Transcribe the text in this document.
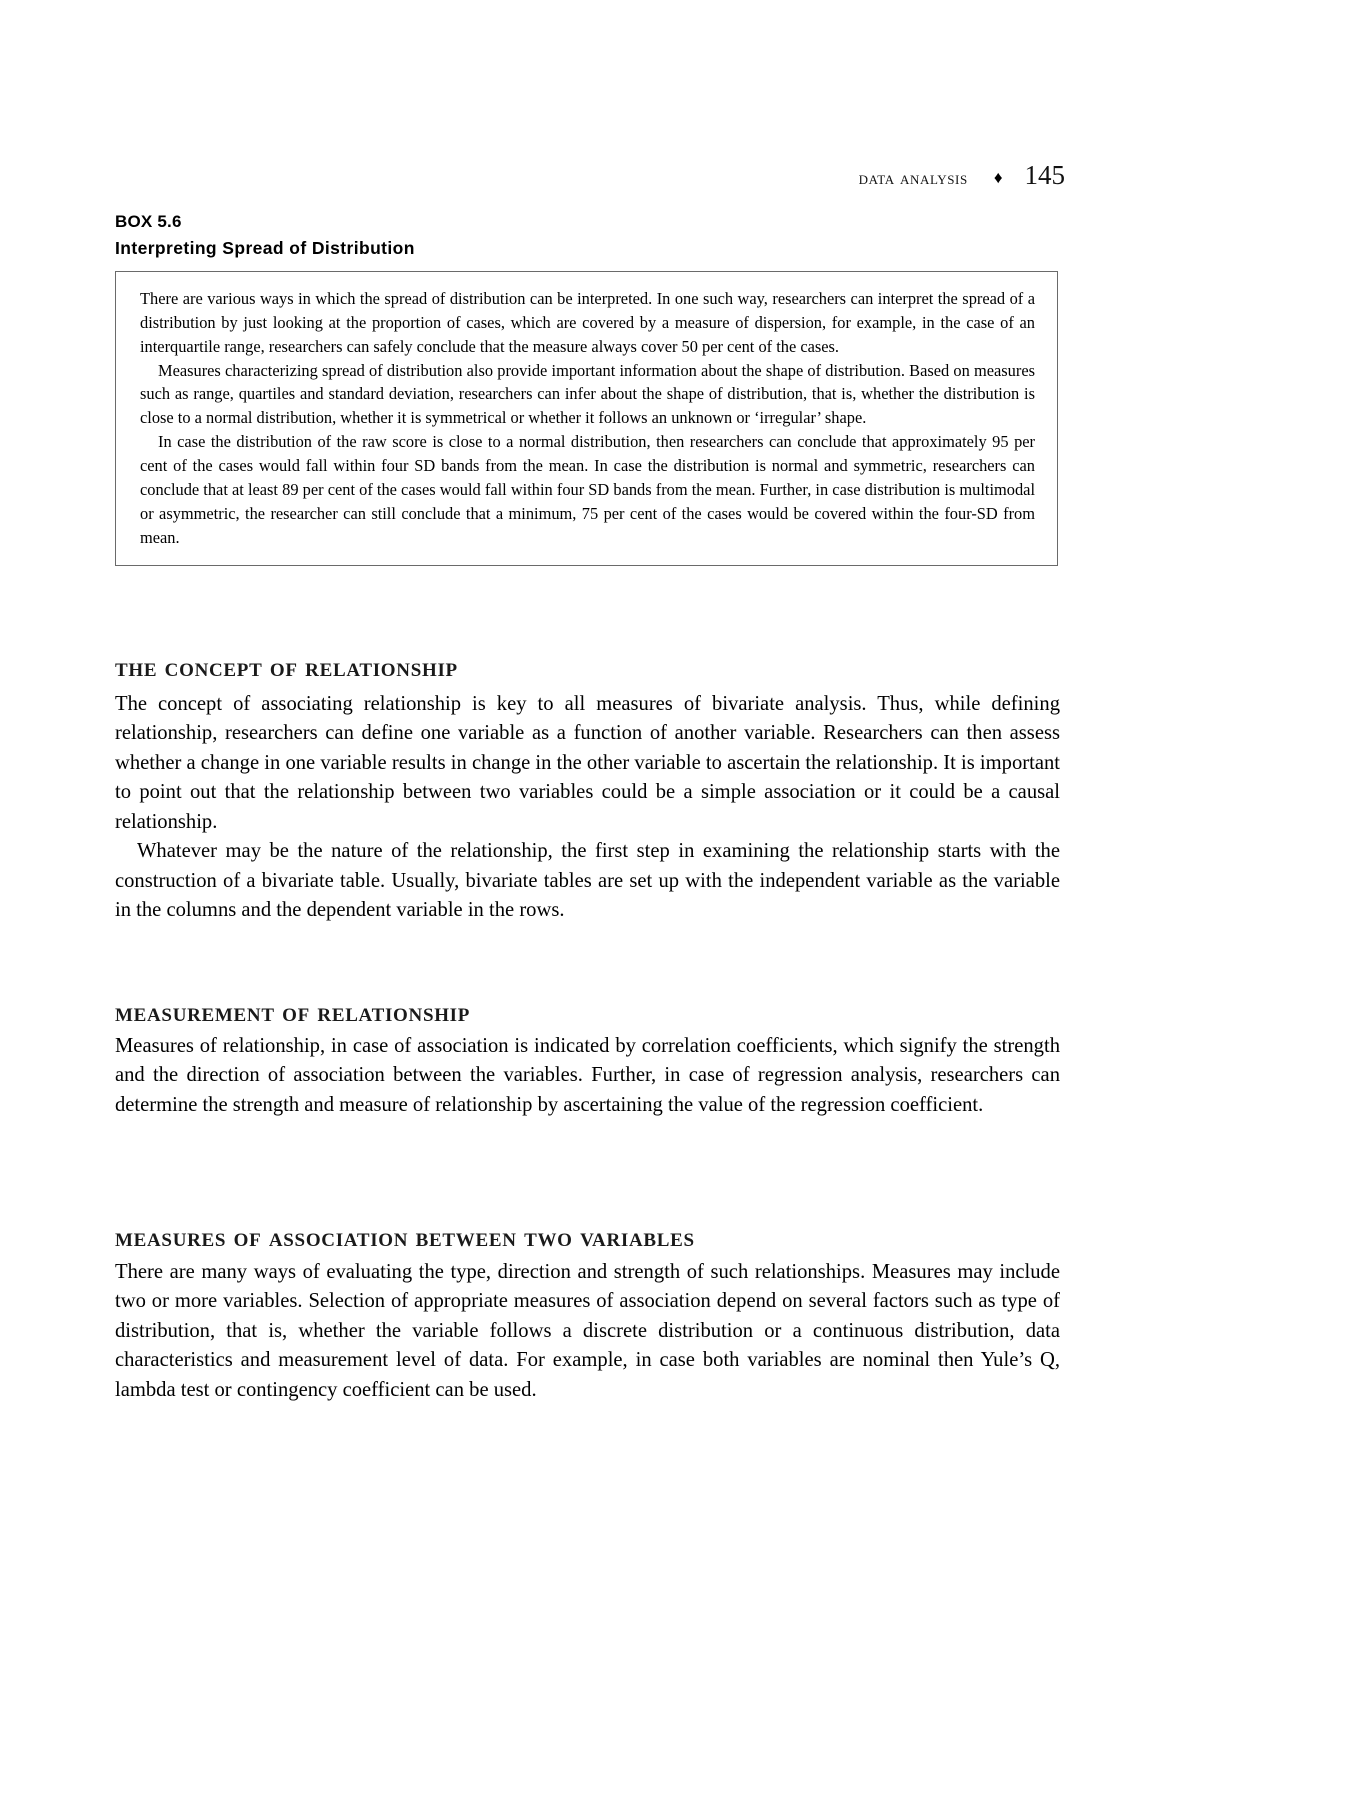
data analysis ♦ 145
BOX 5.6
Interpreting Spread of Distribution

There are various ways in which the spread of distribution can be interpreted. In one such way, researchers can interpret the spread of a distribution by just looking at the proportion of cases, which are covered by a measure of dispersion, for example, in the case of an interquartile range, researchers can safely conclude that the measure always cover 50 per cent of the cases.

Measures characterizing spread of distribution also provide important information about the shape of distribution. Based on measures such as range, quartiles and standard deviation, researchers can infer about the shape of distribution, that is, whether the distribution is close to a normal distribution, whether it is symmetrical or whether it follows an unknown or ‘irregular’ shape.

In case the distribution of the raw score is close to a normal distribution, then researchers can conclude that approximately 95 per cent of the cases would fall within four SD bands from the mean. In case the distribution is normal and symmetric, researchers can conclude that at least 89 per cent of the cases would fall within four SD bands from the mean. Further, in case distribution is multimodal or asymmetric, the researcher can still conclude that a minimum, 75 per cent of the cases would be covered within the four-SD from mean.

the concept of relationship

The concept of associating relationship is key to all measures of bivariate analysis. Thus, while defining relationship, researchers can define one variable as a function of another variable. Researchers can then assess whether a change in one variable results in change in the other variable to ascertain the relationship. It is important to point out that the relationship between two variables could be a simple association or it could be a causal relationship.

Whatever may be the nature of the relationship, the first step in examining the relationship starts with the construction of a bivariate table. Usually, bivariate tables are set up with the independent variable as the variable in the columns and the dependent variable in the rows.

measurement of relationship

Measures of relationship, in case of association is indicated by correlation coefficients, which signify the strength and the direction of association between the variables. Further, in case of regression analysis, researchers can determine the strength and measure of relationship by ascertaining the value of the regression coefficient.

measures of association between two variables

There are many ways of evaluating the type, direction and strength of such relationships. Measures may include two or more variables. Selection of appropriate measures of association depend on several factors such as type of distribution, that is, whether the variable follows a discrete distribution or a continuous distribution, data characteristics and measurement level of data. For example, in case both variables are nominal then Yule’s Q, lambda test or contingency coefficient can be used.
